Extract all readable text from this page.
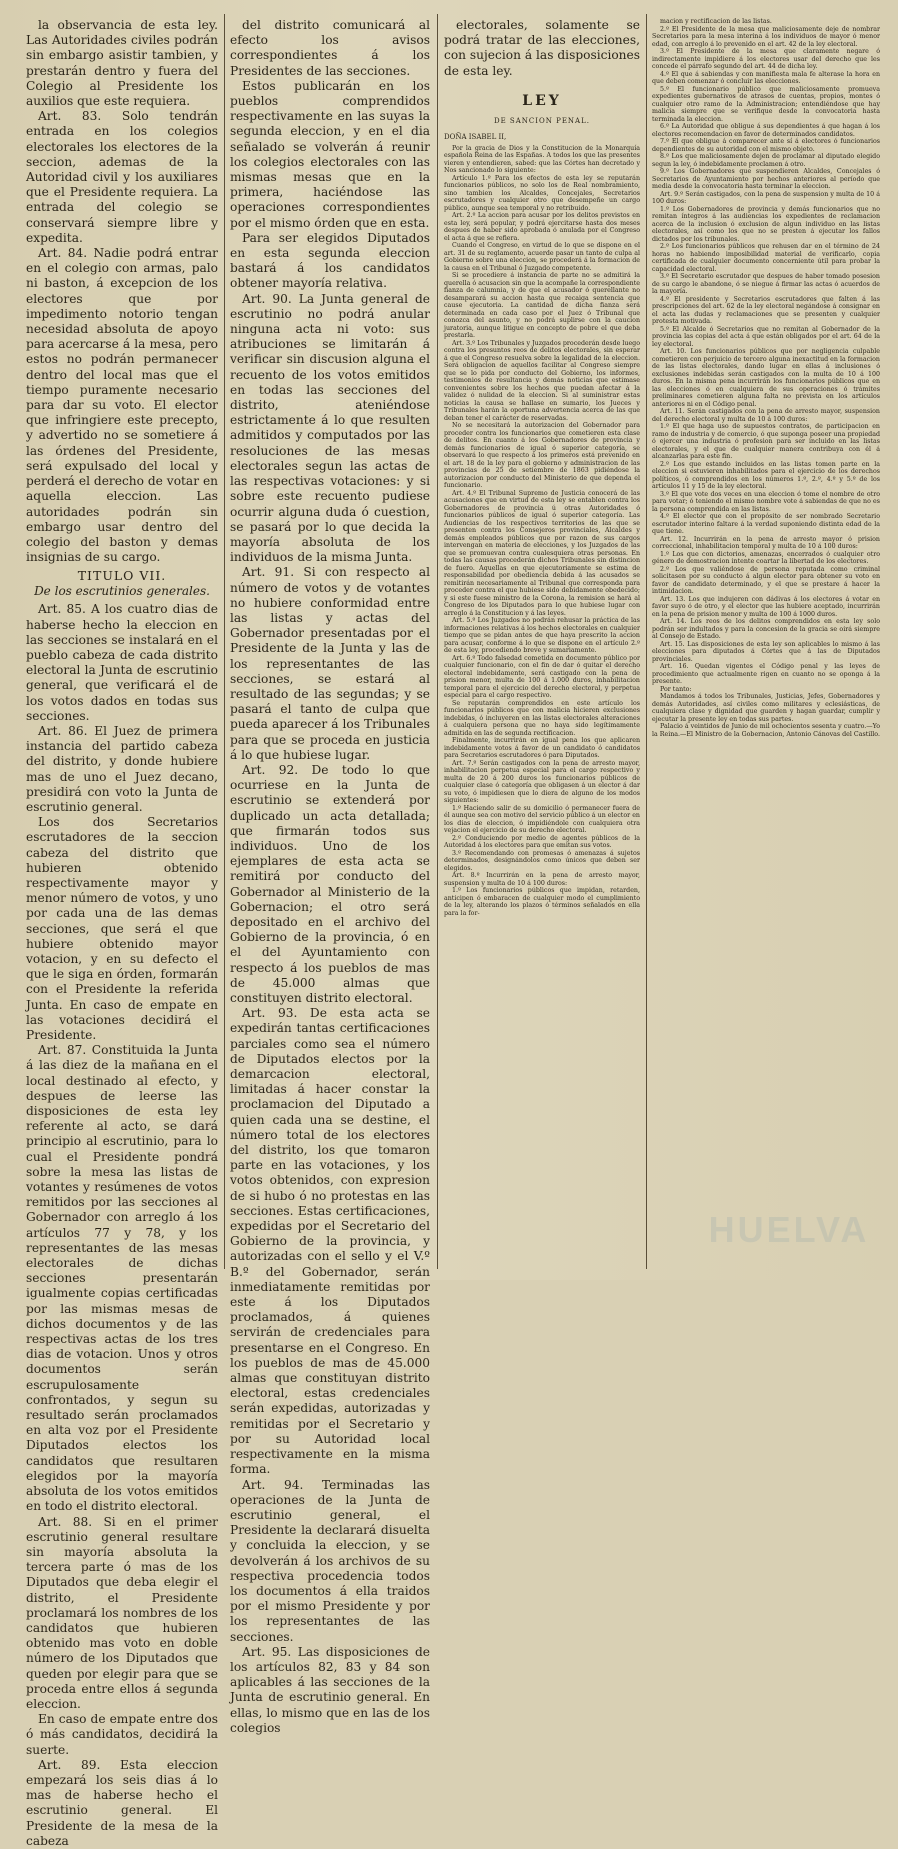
la observancia de esta ley. Las Autoridades civiles podrán sin embargo asistir tambien, y prestarán dentro y fuera del Colegio al Presidente los auxilios que este requiera.

Art. 83. Solo tendrán entrada en los colegios electorales los electores de la seccion, ademas de la Autoridad civil y los auxiliares que el Presidente requiera. La entrada del colegio se conservará siempre libre y expedita.

Art. 84. Nadie podrá entrar en el colegio con armas, palo ni baston, á excepcion de los electores que por impedimento notorio tengan necesidad absoluta de apoyo para acercarse á la mesa, pero estos no podrán permanecer dentro del local mas que el tiempo puramente necesario para dar su voto. El elector que infringiere este precepto, y advertido no se sometiere á las órdenes del Presidente, será expulsado del local y perderá el derecho de votar en aquella eleccion. Las autoridades podrán sin embargo usar dentro del colegio del baston y demas insignias de su cargo.

TITULO VII.
De los escrutinios generales.

Art. 85. A los cuatro dias de haberse hecho la eleccion en las secciones se instalará en el pueblo cabeza de cada distrito electoral la Junta de escrutinio general, que verificará el de los votos dados en todas sus secciones.

Art. 86. El Juez de primera instancia del partido cabeza del distrito, y donde hubiere mas de uno el Juez decano, presidirá con voto la Junta de escrutinio general.

Los dos Secretarios escrutadores de la seccion cabeza del distrito que hubieren obtenido respectivamente mayor y menor número de votos, y uno por cada una de las demas secciones, que será el que hubiere obtenido mayor votacion, y en su defecto el que le siga en órden, formarán con el Presidente la referida Junta. En caso de empate en las votaciones decidirá el Presidente.

Art. 87. Constituida la Junta á las diez de la mañana en el local destinado al efecto, y despues de leerse las disposiciones de esta ley referente al acto, se dará principio al escrutinio, para lo cual el Presidente pondrá sobre la mesa las listas de votantes y resúmenes de votos remitidos por las secciones al Gobernador con arreglo á los artículos 77 y 78, y los representantes de las mesas electorales de dichas secciones presentarán igualmente copias certificadas por las mismas mesas de dichos documentos y de las respectivas actas de los tres dias de votacion. Unos y otros documentos serán escrupulosamente confrontados, y segun su resultado serán proclamados en alta voz por el Presidente Diputados electos los candidatos que resultaren elegidos por la mayoría absoluta de los votos emitidos en todo el distrito electoral.

Art. 88. Si en el primer escrutinio general resultare sin mayoría absoluta la tercera parte ó mas de los Diputados que deba elegir el distrito, el Presidente proclamará los nombres de los candidatos que hubieren obtenido mas voto en doble número de los Diputados que queden por elegir para que se proceda entre ellos á segunda eleccion.

En caso de empate entre dos ó más candidatos, decidirá la suerte.

Art. 89. Esta eleccion empezará los seis dias á lo mas de haberse hecho el escrutinio general. El Presidente de la mesa de la cabeza

del distrito comunicará al efecto los avisos correspondientes á los Presidentes de las secciones.

Estos publicarán en los pueblos comprendidos respectivamente en las suyas la segunda eleccion, y en el dia señalado se volverán á reunir los colegios electorales con las mismas mesas que en la primera, haciéndose las operaciones correspondientes por el mismo órden que en esta.

Para ser elegidos Diputados en esta segunda eleccion bastará á los candidatos obtener mayoría relativa.

Art. 90. La Junta general de escrutinio no podrá anular ninguna acta ni voto: sus atribuciones se limitarán á verificar sin discusion alguna el recuento de los votos emitidos en todas las secciones del distrito, ateniéndose estrictamente á lo que resulten admitidos y computados por las resoluciones de las mesas electorales segun las actas de las respectivas votaciones: y si sobre este recuento pudiese ocurrir alguna duda ó cuestion, se pasará por lo que decida la mayoría absoluta de los individuos de la misma Junta.

Art. 91. Si con respecto al número de votos y de votantes no hubiere conformidad entre las listas y actas del Gobernador presentadas por el Presidente de la Junta y las de los representantes de las secciones, se estará al resultado de las segundas; y se pasará el tanto de culpa que pueda aparecer á los Tribunales para que se proceda en justicia á lo que hubiese lugar.

Art. 92. De todo lo que ocurriese en la Junta de escrutinio se extenderá por duplicado un acta detallada; que firmarán todos sus individuos. Uno de los ejemplares de esta acta se remitirá por conducto del Gobernador al Ministerio de la Gobernacion; el otro será depositado en el archivo del Gobierno de la provincia, ó en el del Ayuntamiento con respecto á los pueblos de mas de 45.000 almas que constituyen distrito electoral.

Art. 93. De esta acta se expedirán tantas certificaciones parciales como sea el número de Diputados electos por la demarcacion electoral, limitadas á hacer constar la proclamacion del Diputado a quien cada una se destine, el número total de los electores del distrito, los que tomaron parte en las votaciones, y los votos obtenidos, con expresion de si hubo ó no protestas en las secciones. Estas certificaciones, expedidas por el Secretario del Gobierno de la provincia, y autorizadas con el sello y el V.º B.º del Gobernador, serán inmediatamente remitidas por este á los Diputados proclamados, á quienes servirán de credenciales para presentarse en el Congreso. En los pueblos de mas de 45.000 almas que constituyan distrito electoral, estas credenciales serán expedidas, autorizadas y remitidas por el Secretario y por su Autoridad local respectivamente en la misma forma.

Art. 94. Terminadas las operaciones de la Junta de escrutinio general, el Presidente la declarará disuelta y concluida la eleccion, y se devolverán á los archivos de su respectiva procedencia todos los documentos á ella traidos por el mismo Presidente y por los representantes de las secciones.

Art. 95. Las disposiciones de los artículos 82, 83 y 84 son aplicables á las secciones de la Junta de escrutinio general. En ellas, lo mismo que en las de los colegios

electorales, solamente se podrá tratar de las elecciones, con sujecion á las disposiciones de esta ley.

LEY
DE SANCION PENAL.
DOÑA ISABEL II,

Por la gracia de Dios y la Constitucion de la Monarquía española Reina de las Españas. A todos los que las presentes vieren y entendieren, sabed: que las Córtes han decretado y Nos sancionado lo siguiente:

Artículo 1.º Para los efectos de esta ley se reputarán funcionarios públicos, no solo los de Real nombramiento, sino tambien los Alcaldes, Concejales, Secretarios escrutadores y cualquier otro que desempeñe un cargo público, aunque sea temporal y no retribuido.

Art. 2.º La accion para acusar por los delitos previstos en esta ley, será popular, y podrá ejercitarse hasta dos meses despues de haber sido aprobada ó anulada por el Congreso el acta á que se refiera.

Cuando el Congreso, en virtud de lo que se dispone en el art. 31 de su reglamento, acuerde pasar un tanto de culpa al Gobierno sobre una eleccion, se procederá á la formacion de la causa en el Tribunal ó Juzgado competente.

Si se procediere á instancia de parte no se admitirá la querella ó acusacion sin que la acompañe la correspondiente fianza de calumnia, y de que el acusador ó querellante no desamparará su accion hasta que recaiga sentencia que cause ejecutoria. La cantidad de dicha fianza será determinada en cada caso por el Juez ó Tribunal que conozca del asunto, y no podrá suplirse con la caucion juratoria, aunque litigue en concepto de pobre el que deba prestarla.

Art. 3.º Los Tribunales y Juzgados procederán desde luego contra los presuntos reos de delitos electorales, sin esperar á que el Congreso resuelva sobre la legalidad de la eleccion. Será obligacion de aquellos facilitar al Congreso siempre que se lo pida por conducto del Gobierno, los informes, testimonios de resultancia y demás noticias que estimase convenientes sobre los hechos que puedan afectar á la validez ó nulidad de la eleccion. Si al suministrar estas noticias la causa se hallase en sumario, los Jueces y Tribunales harán la oportuna advertencia acerca de las que deban tener el carácter de reservadas.

No se necesitará la autorizacion del Gobernador para proceder contra los funcionarios que cometieren esta clase de delitos. En cuanto á los Gobernadores de provincia y demás funcionarios de igual ó superior categoría, se observará lo que respecto á los primeros está prevenido en el art. 18 de la ley para el gobierno y administracion de las provincias de 25 de setiembre de 1863 pidiéndose la autorizacion por conducto del Ministerio de que dependa el funcionario.

Art. 4.º El Tribunal Supremo de Justicia conocerá de las acusaciones que en virtud de esta ley se entablen contra los Gobernadores de provincia ú otras Autoridades ó funcionarios públicos de igual ó superior categoría. Las Audiencias de los respectivos territorios de las que se presenten contra los Consejeros provinciales, Alcaldes y demás empleados públicos que por razon de sus cargos intervengan en materia de elecciones, y los Juzgados de las que se promuevan contra cualesquiera otras personas. En todas las causas procederán dichos Tribunales sin distincion de fuero. Aquellas en que ejecutoriamente se estima de responsabilidad por obediencia debida á las acusados se remitirán necesariamente al Tribunal que corresponda para proceder contra el que hubiese sido debidamente obedecido; y si este fuese ministro de la Corona, la remision se hará al Congreso de los Diputados para lo que hubiese lugar con arreglo á la Constitucion y á las leyes.

Art. 5.º Los Juzgados no podrán rehusar la práctica de las informaciones relativas á los hechos electorales en cualquier tiempo que se pidan antes de que haya prescrito la accion para acusar, conforme á lo que se dispone en el artículo 2.º de esta ley, procediendo breve y sumariamente.

Art. 6.º Todo falsedad cometida en documento público por cualquier funcionario, con el fin de dar ó quitar el derecho electoral indebidamente, será castigado con la pena de prision menor, multa de 100 á 1.000 duros, inhabilitacion temporal para el ejercicio del derecho electoral, y perpetua especial para el cargo respectivo.

Se reputarán comprendidos en este artículo los funcionarios públicos que con malicia hicieren exclusiones indebidas, ó incluyeren en las listas electorales alteraciones á cualquiera persona que no haya sido legítimamente admitida en las de segunda rectificacion.

Finalmente, incurrirán en igual pena los que aplicaren indebidamente votos á favor de un candidato ó candidatos para Secretarios escrutadores ó para Diputados.

Art. 7.º Serán castigados con la pena de arresto mayor, inhabilitacion perpetua especial para el cargo respectivo y multa de 20 á 200 duros los funcionarios públicos de cualquier clase ó categoría que obligasen á un elector á dar su voto, ó impidiesen que lo diera de alguno de los modos siguientes:

1.º Haciendo salir de su domicilio ó permanecer fuera de él aunque sea con motivo del servicio público á un elector en los dias de eleccion, ó impidiéndole con cualquiera otra vejacion el ejercicio de su derecho electoral.

2.º Conduciendo por medio de agentes públicos de la Autoridad á los electores para que emitan sus votos.

3.º Recomendando con promesas ó amenazas á sujetos determinados, designándolos como únicos que deben ser elegidos.

Art. 8.º Incurrirán en la pena de arresto mayor, suspension y multa de 10 á 100 duros:

1.º Los funcionarios públicos que impidan, retarden, anticipen ó embaracen de cualquier modo el cumplimiento de la ley, alterando los plazos ó términos señalados en ella para la for-

macion y rectificacion de las listas.

2.º El Presidente de la mesa que maliciosamente deje de nombrar Secretarios para la mesa interina á los individuos de mayor ó menor edad, con arreglo á lo prevenido en el art. 42 de la ley electoral.

3.º El Presidente de la mesa que claramente negare ó indirectamente impidiere á los electores usar del derecho que les concede el párrafo segundo del art. 44 de dicha ley.

4.º El que á sabiendas y con manifiesta mala fe alterase la hora en que deben comenzar ó concluir las elecciones.

5.º El funcionario público que maliciosamente promueva expedientes gubernativos de atrasos de cuentas, propios, montes ó cualquier otro ramo de la Administracion; entendiéndose que hay malicia siempre que se verifique desde la convocatoria hasta terminada la eleccion.

6.º La Autoridad que obligue á sus dependientes á que hagan á los electores recomendacion en favor de determinados candidatos.

7.º El que obligue á comparecer ante sí á electores ó funcionarios dependientes de su autoridad con el mismo objeto.

8.º Los que maliciosamente dejen de proclamar al diputado elegido segun la ley, ó indebidamente proclamen á otro.

9.º Los Gobernadores que suspendieren Alcaldes, Concejales ó Secretarios de Ayuntamiento por hechos anteriores al período que media desde la convocatoria hasta terminar la eleccion.

Art. 9.º Serán castigados, con la pena de suspension y multa de 10 á 100 duros:

1.º Los Gobernadores de provincia y demás funcionarios que no remitan íntegros á las audiencias los expedientes de reclamacion acerca de la inclusion ó exclusion de algun individuo en las listas electorales, así como los que no se presten á ejecutar los fallos dictados por los tribunales.

2.º Los funcionarios públicos que rehusen dar en el término de 24 horas no habiendo imposibilidad material de verificarlo, copia certificada de cualquier documento concerniente útil para probar la capacidad electoral.

3.º El Secretario escrutador que despues de haber tomado posesion de su cargo le abandone, ó se niegue á firmar las actas ó acuerdos de la mayoría.

4.º El presidente y Secretarios escrutadores que falten á las prescripciones del art. 62 de la ley electoral negándose á consignar en el acta las dudas y reclamaciones que se presenten y cualquier protesta motivada.

5.º El Alcalde ó Secretarios que no remitan al Gobernador de la provincia las copias del acta á que están obligados por el art. 64 de la ley electoral.

Art. 10. Los funcionarios públicos que por negligencia culpable cometieren con perjuicio de tercero alguna inexactitud en la formacion de las listas electorales, dando lugar en ellas á inclusiones ó exclusiones indebidas serán castigados con la multa de 10 á 100 duros. En la misma pena incurrirán los funcionarios públicos que en las elecciones ó en cualquiera de sus operaciones ó trámites preliminares cometieren alguna falta no prevista en los artículos anteriores ni en el Código penal.

Art. 11. Serán castigados con la pena de arresto mayor, suspension del derecho electoral y multa de 10 á 100 duros:

1.º El que haga uso de supuestos contratos, de participacion en ramo de industria y de comercio, ó que suponga poseer una propiedad ó ejercer una industria ó profesion para ser incluido en las listas electorales, y el que de cualquier manera contribuya con él á alcanzarlas para este fin.

2.º Los que estando incluidos en las listas tomen parte en la eleccion si estuvieren inhabilitados para el ejercicio de los derechos políticos, ó comprendidos en los números 1.º, 2.º, 4.º y 5.º de los artículos 11 y 15 de la ley electoral.

3.º El que vote dos veces en una eleccion ó tome el nombre de otro para votar; ó teniendo el mismo nombre vote á sabiendas de que no es la persona comprendida en las listas.

4.º El elector que con el propósito de ser nombrado Secretario escrutador interino faltare á la verdad suponiendo distinta edad de la que tiene.

Art. 12. Incurrirán en la pena de arresto mayor ó prision correccional, inhabilitacion temporal y multa de 10 á 100 duros:

1.º Los que con dictorios, amenazas, encerrados ó cualquier otro género de demostracion intente coartar la libertad de los electores.

2.º Los que valiéndose de persona reputada como criminal solicitasen por su conducto á algun elector para obtener su voto en favor de candidato determinado, y el que se prestare á hacer la intimidacion.

Art. 13. Los que indujeren con dádivas á los electores á votar en favor suyo ó de otro, y el elector que las hubiere aceptado, incurrirán en la pena de prision menor y multa de 100 á 1000 duros.

Art. 14. Los reos de los delitos comprendidos en esta ley solo podrán ser indultados y para la concesion de la gracia se oirá siempre al Consejo de Estado.

Art. 15. Las disposiciones de esta ley son aplicables lo mismo á las elecciones para diputados á Córtes que á las de Diputados provinciales.

Art. 16. Quedan vigentes el Código penal y las leyes de procedimiento que actualmente rigen en cuanto no se oponga á la presente.

Por tanto:

Mandamos á todos los Tribunales, Justicias, Jefes, Gobernadores y demás Autoridades, así civiles como militares y eclesiásticas, de cualquiera clase y dignidad que guarden y hagan guardar, cumplir y ejecutar la presente ley en todas sus partes.

Palacio á veintidos de Junio de mil ochocientos sesenta y cuatro.—Yo la Reina.—El Ministro de la Gobernacion, Antonio Cánovas del Castillo.

HUELVA
